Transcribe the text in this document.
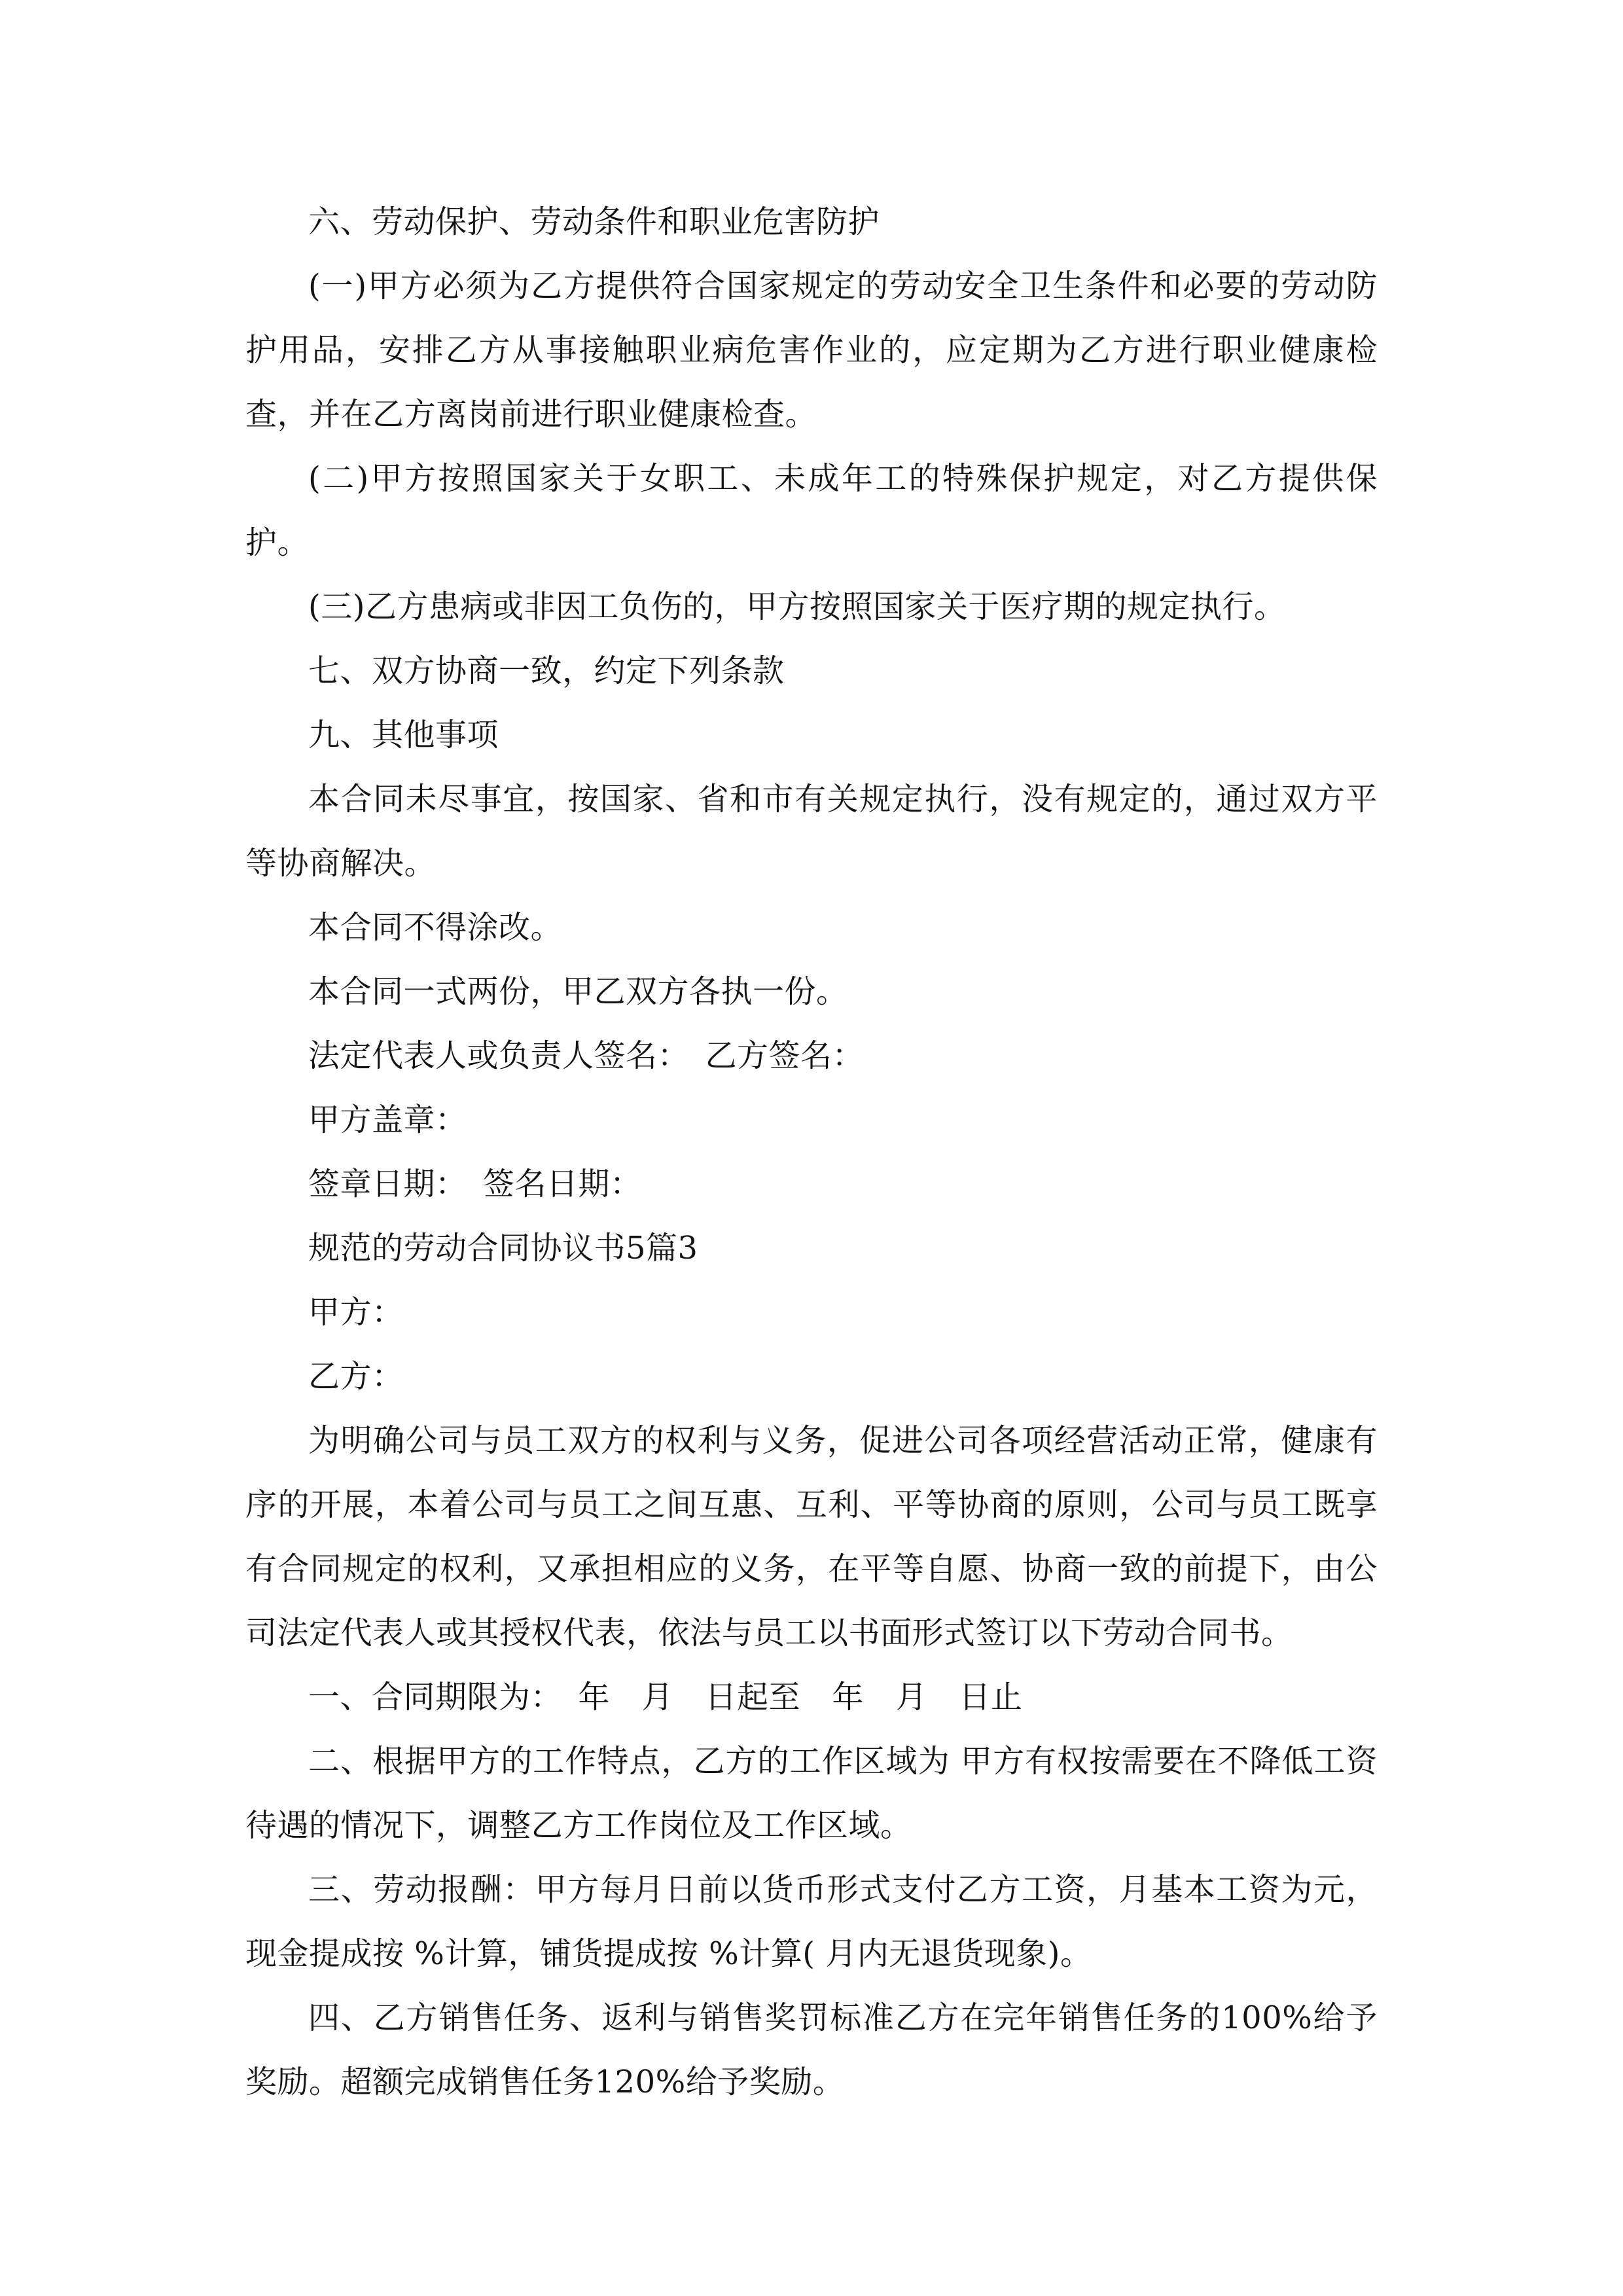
六、劳动保护、劳动条件和职业危害防护

(一)甲方必须为乙方提供符合国家规定的劳动安全卫生条件和必要的劳动防护用品，安排乙方从事接触职业病危害作业的，应定期为乙方进行职业健康检查，并在乙方离岗前进行职业健康检查。

(二)甲方按照国家关于女职工、未成年工的特殊保护规定，对乙方提供保护。

(三)乙方患病或非因工负伤的，甲方按照国家关于医疗期的规定执行。

七、双方协商一致，约定下列条款

九、其他事项

本合同未尽事宜，按国家、省和市有关规定执行，没有规定的，通过双方平等协商解决。

本合同不得涂改。

本合同一式两份，甲乙双方各执一份。

法定代表人或负责人签名：　乙方签名：

甲方盖章：

签章日期：　签名日期：

规范的劳动合同协议书5篇3

甲方：

乙方：

为明确公司与员工双方的权利与义务，促进公司各项经营活动正常，健康有序的开展，本着公司与员工之间互惠、互利、平等协商的原则，公司与员工既享有合同规定的权利，又承担相应的义务，在平等自愿、协商一致的前提下，由公司法定代表人或其授权代表，依法与员工以书面形式签订以下劳动合同书。

一、合同期限为：　年　月　日起至　年　月　日止

二、根据甲方的工作特点，乙方的工作区域为 甲方有权按需要在不降低工资待遇的情况下，调整乙方工作岗位及工作区域。

三、劳动报酬：甲方每月日前以货币形式支付乙方工资，月基本工资为元，现金提成按 %计算，铺货提成按 %计算( 月内无退货现象)。

四、乙方销售任务、返利与销售奖罚标准乙方在完年销售任务的100%给予奖励。超额完成销售任务120%给予奖励。
